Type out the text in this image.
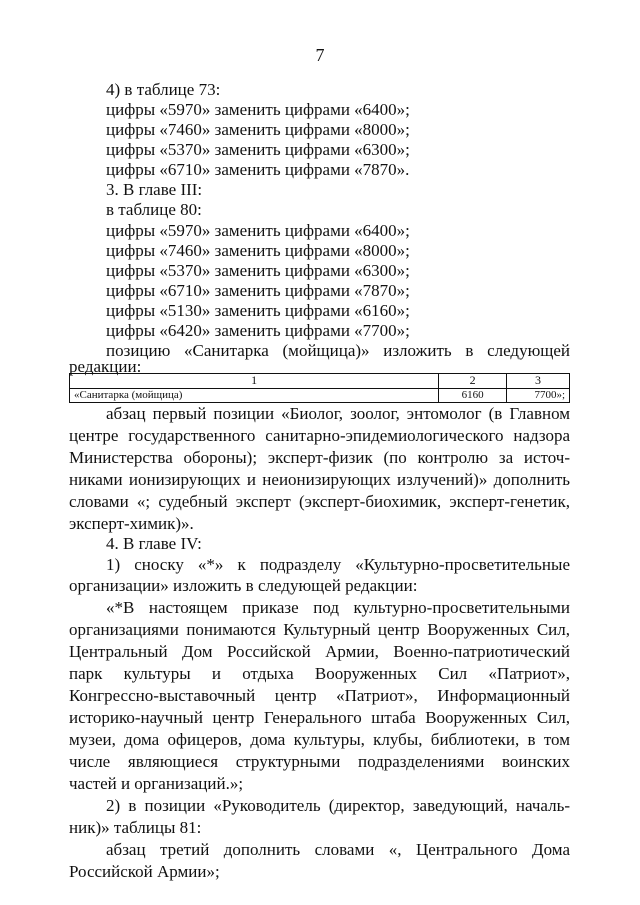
7
4) в таблице 73:
цифры «5970» заменить цифрами «6400»;
цифры «7460» заменить цифрами «8000»;
цифры «5370» заменить цифрами «6300»;
цифры «6710» заменить цифрами «7870».
3. В главе III:
в таблице 80:
цифры «5970» заменить цифрами «6400»;
цифры «7460» заменить цифрами «8000»;
цифры «5370» заменить цифрами «6300»;
цифры «6710» заменить цифрами «7870»;
цифры «5130» заменить цифрами «6160»;
цифры «6420» заменить цифрами «7700»;
позицию «Санитарка (мойщица)» изложить в следующей
редакции:
1	2	3
«Санитарка (мойщица)	6160	7700»;
абзац первый позиции «Биолог, зоолог, энтомолог (в Главном
центре государственного санитарно-эпидемиологического надзора
Министерства обороны); эксперт-физик (по контролю за источ-
никами ионизирующих и неионизирующих излучений)» дополнить
словами «; судебный эксперт (эксперт-биохимик, эксперт-генетик,
эксперт-химик)».
4. В главе IV:
1) сноску «*» к подразделу «Культурно-просветительные
организации» изложить в следующей редакции:
«*В настоящем приказе под культурно-просветительными
организациями понимаются Культурный центр Вооруженных Сил,
Центральный Дом Российской Армии, Военно-патриотический
парк культуры и отдыха Вооруженных Сил «Патриот»,
Конгрессно-выставочный центр «Патриот», Информационный
историко-научный центр Генерального штаба Вооруженных Сил,
музеи, дома офицеров, дома культуры, клубы, библиотеки, в том
числе являющиеся структурными подразделениями воинских
частей и организаций.»;
2) в позиции «Руководитель (директор, заведующий, началь-
ник)» таблицы 81:
абзац третий дополнить словами «, Центрального Дома
Российской Армии»;
